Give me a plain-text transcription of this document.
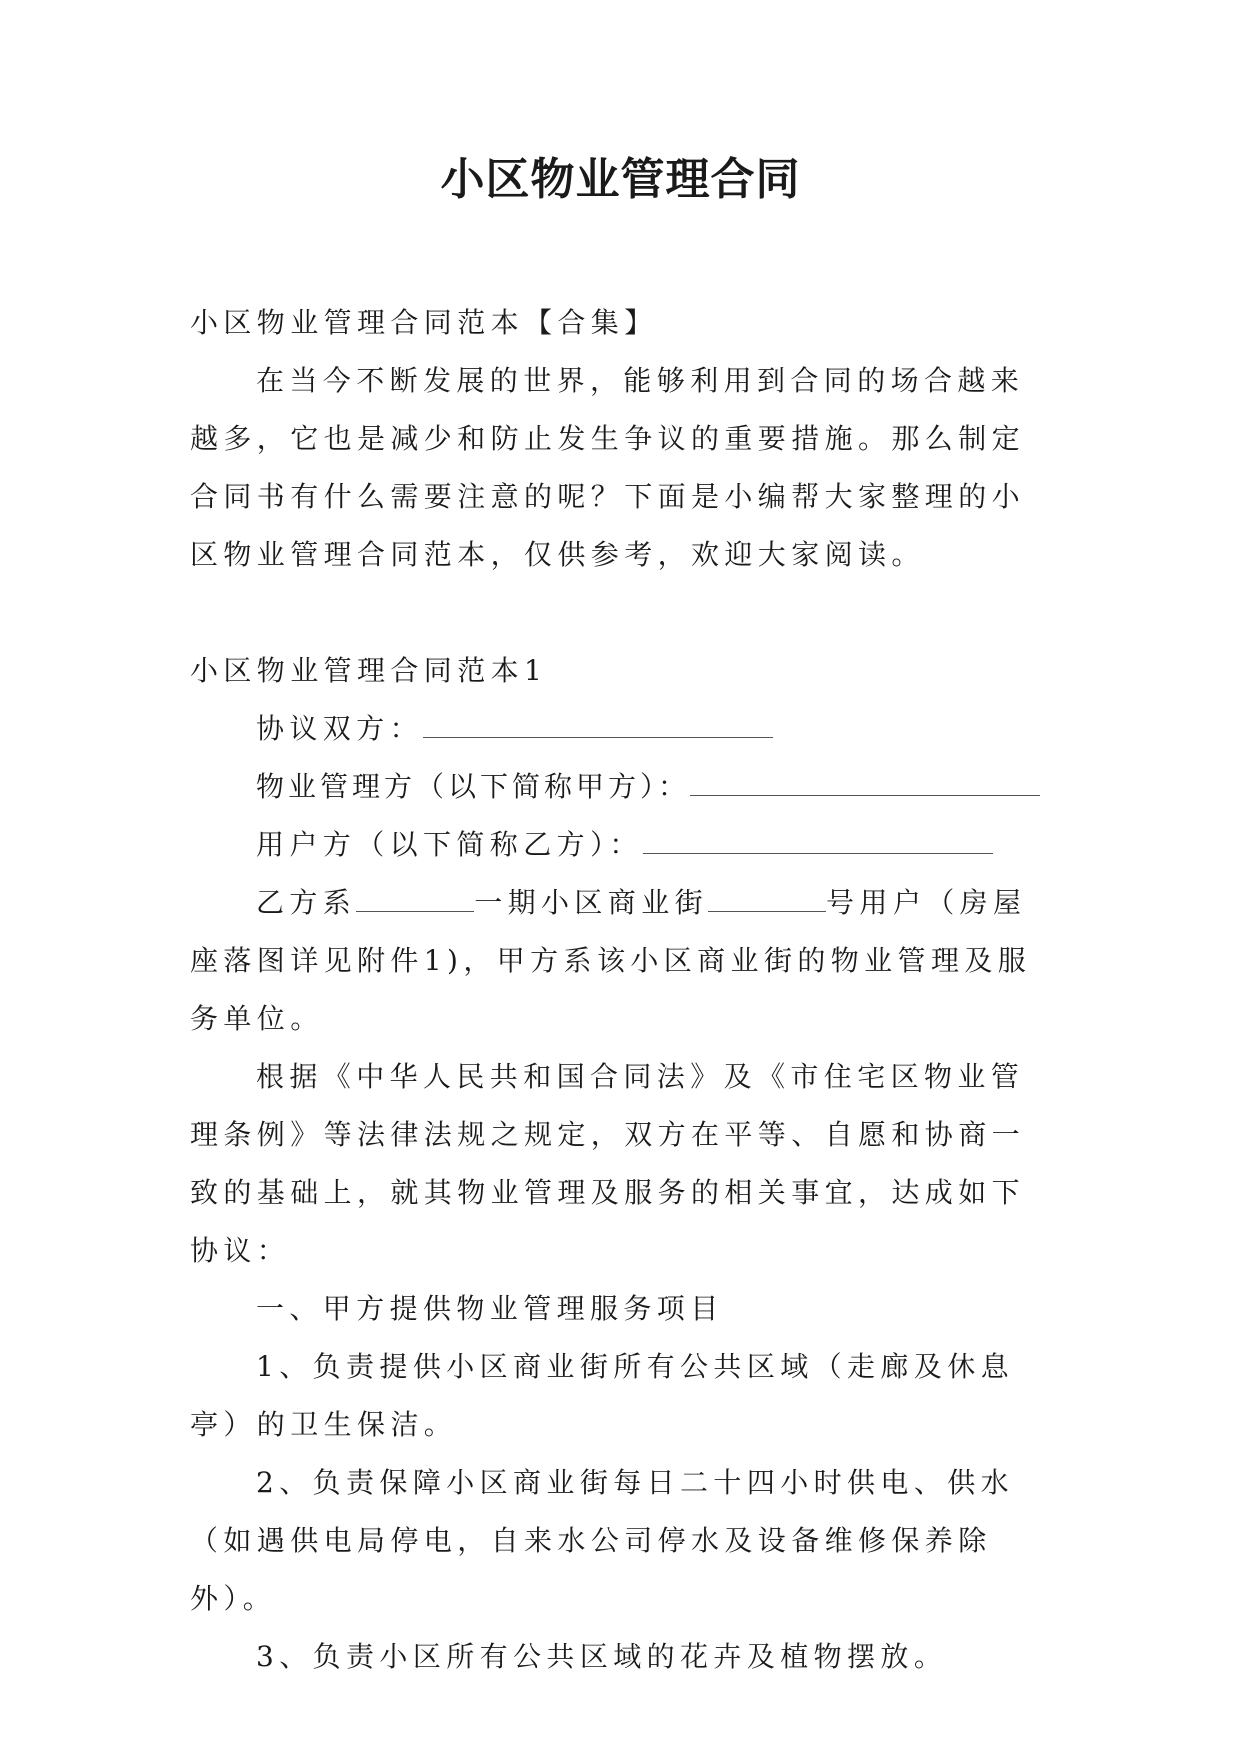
小区物业管理合同

小区物业管理合同范本【合集】

在当今不断发展的世界，能够利用到合同的场合越来越多，它也是减少和防止发生争议的重要措施。那么制定合同书有什么需要注意的呢？下面是小编帮大家整理的小区物业管理合同范本，仅供参考，欢迎大家阅读。

小区物业管理合同范本1

协议双方：

物业管理方（以下简称甲方）：

用户方（以下简称乙方）：

乙方系	一期小区商业街	号用户（房屋座落图详见附件1)，甲方系该小区商业街的物业管理及服务单位。

根据《中华人民共和国合同法》及《市住宅区物业管理条例》等法律法规之规定，双方在平等、自愿和协商一致的基础上，就其物业管理及服务的相关事宜，达成如下协议：

一、甲方提供物业管理服务项目

1、负责提供小区商业街所有公共区域（走廊及休息亭）的卫生保洁。

2、负责保障小区商业街每日二十四小时供电、供水（如遇供电局停电，自来水公司停水及设备维修保养除外）。

3、负责小区所有公共区域的花卉及植物摆放。
